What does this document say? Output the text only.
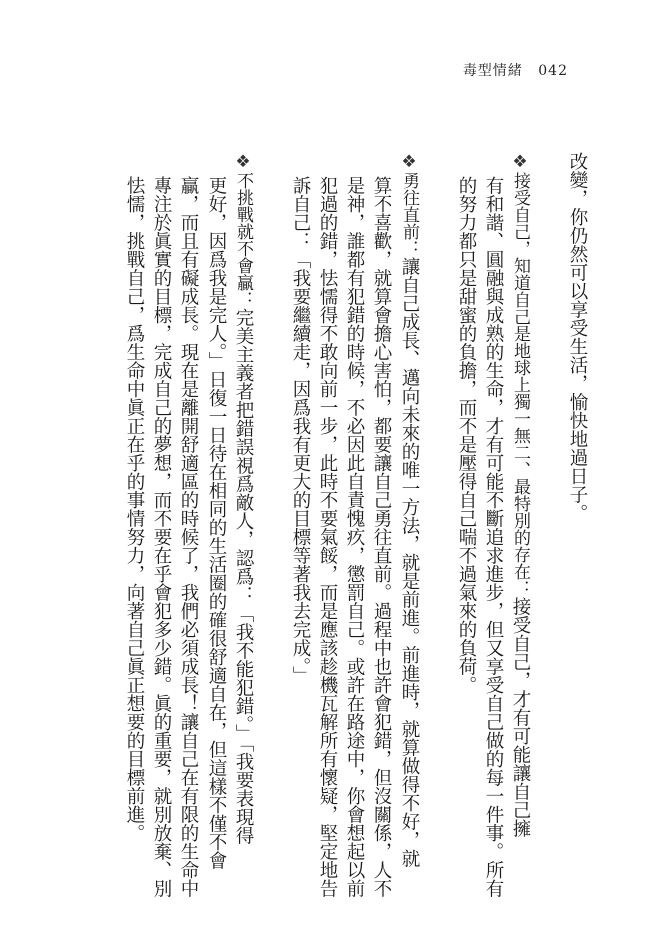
毒型情緒 042
改變，你仍然可以享受生活，愉快地過日子。
❖接受自己，知道自己是地球上獨一無二、最特別的存在：接受自己，才有可能讓自己擁
有和諧、圓融與成熟的生命，才有可能不斷追求進步，但又享受自己做的每一件事。所有
的努力都只是甜蜜的負擔，而不是壓得自己喘不過氣來的負荷。
❖勇往直前：讓自己成長、邁向未來的唯一方法，就是前進。前進時，就算做得不好，就
算不喜歡，就算會擔心害怕，都要讓自己勇往直前。過程中也許會犯錯，但沒關係，人不
是神，誰都有犯錯的時候，不必因此自責愧疚，懲罰自己。或許在路途中，你會想起以前
犯過的錯，怯懦得不敢向前一步，此時不要氣餒，而是應該趁機瓦解所有懷疑，堅定地告
訴自己：「我要繼續走，因爲我有更大的目標等著我去完成。」
❖不挑戰就不會贏：完美主義者把錯誤視爲敵人，認爲：「我不能犯錯。」「我要表現得
更好，因爲我是完人。」日復一日待在相同的生活圈的確很舒適自在，但這樣不僅不會
贏，而且有礙成長。現在是離開舒適區的時候了，我們必須成長！讓自己在有限的生命中
專注於眞實的目標，完成自己的夢想，而不要在乎會犯多少錯。眞的重要，就別放棄、別
怯懦，挑戰自己，爲生命中眞正在乎的事情努力，向著自己眞正想要的目標前進。
